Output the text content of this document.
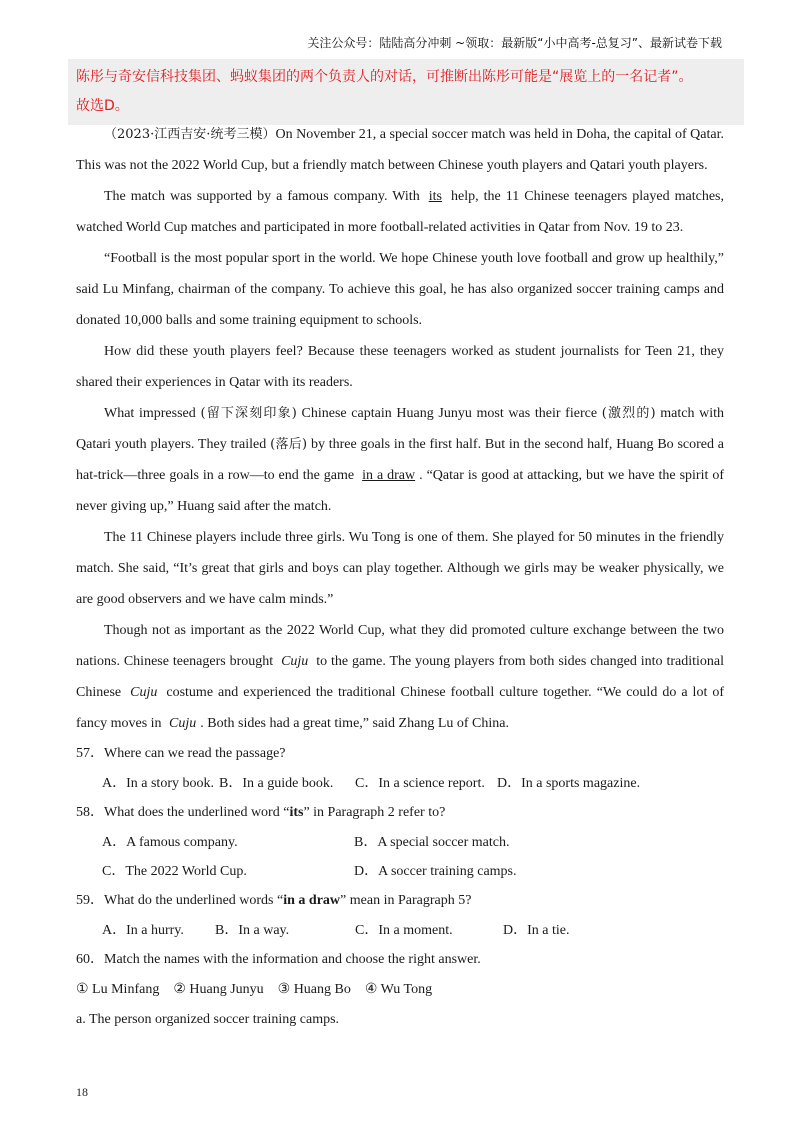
关注公众号：陆陆高分冲刺 ~领取：最新版“小中高考-总复习”、最新试卷下载
陈彤与奇安信科技集团、蚂蚁集团的两个负责人的对话，可推断出陈彤可能是“展览上的一名记者”。
故选D。

（2023·江西吉安·统考三模）On November 21, a special soccer match was held in Doha, the capital of Qatar. This was not the 2022 World Cup, but a friendly match between Chinese youth players and Qatari youth players.

The match was supported by a famous company. With its help, the 11 Chinese teenagers played matches, watched World Cup matches and participated in more football-related activities in Qatar from Nov. 19 to 23.

“Football is the most popular sport in the world. We hope Chinese youth love football and grow up healthily,” said Lu Minfang, chairman of the company. To achieve this goal, he has also organized soccer training camps and donated 10,000 balls and some training equipment to schools.

How did these youth players feel? Because these teenagers worked as student journalists for Teen 21, they shared their experiences in Qatar with its readers.

What impressed (留下深刻印象) Chinese captain Huang Junyu most was their fierce (激烈的) match with Qatari youth players. They trailed (落后) by three goals in the first half. But in the second half, Huang Bo scored a hat-trick—three goals in a row—to end the game in a draw . “Qatar is good at attacking, but we have the spirit of never giving up,” Huang said after the match.

The 11 Chinese players include three girls. Wu Tong is one of them. She played for 50 minutes in the friendly match. She said, “It’s great that girls and boys can play together. Although we girls may be weaker physically, we are good observers and we have calm minds.”

Though not as important as the 2022 World Cup, what they did promoted culture exchange between the two nations. Chinese teenagers brought Cuju to the game. The young players from both sides changed into traditional Chinese Cuju costume and experienced the traditional Chinese football culture together. “We could do a lot of fancy moves in Cuju . Both sides had a great time,” said Zhang Lu of China.

57．Where can we read the passage?

A．In a story book. B．In a guide book.	C．In a science report. D．In a sports magazine.

58．What does the underlined word “its” in Paragraph 2 refer to?

A．A famous company.	B．A special soccer match.
C．The 2022 World Cup.	D．A soccer training camps.

59．What do the underlined words “in a draw” mean in Paragraph 5?

A．In a hurry.	B．In a way.	C．In a moment.	D．In a tie.

60．Match the names with the information and choose the right answer.

① Lu Minfang    ② Huang Junyu    ③ Huang Bo    ④ Wu Tong

a. The person organized soccer training camps.

18
